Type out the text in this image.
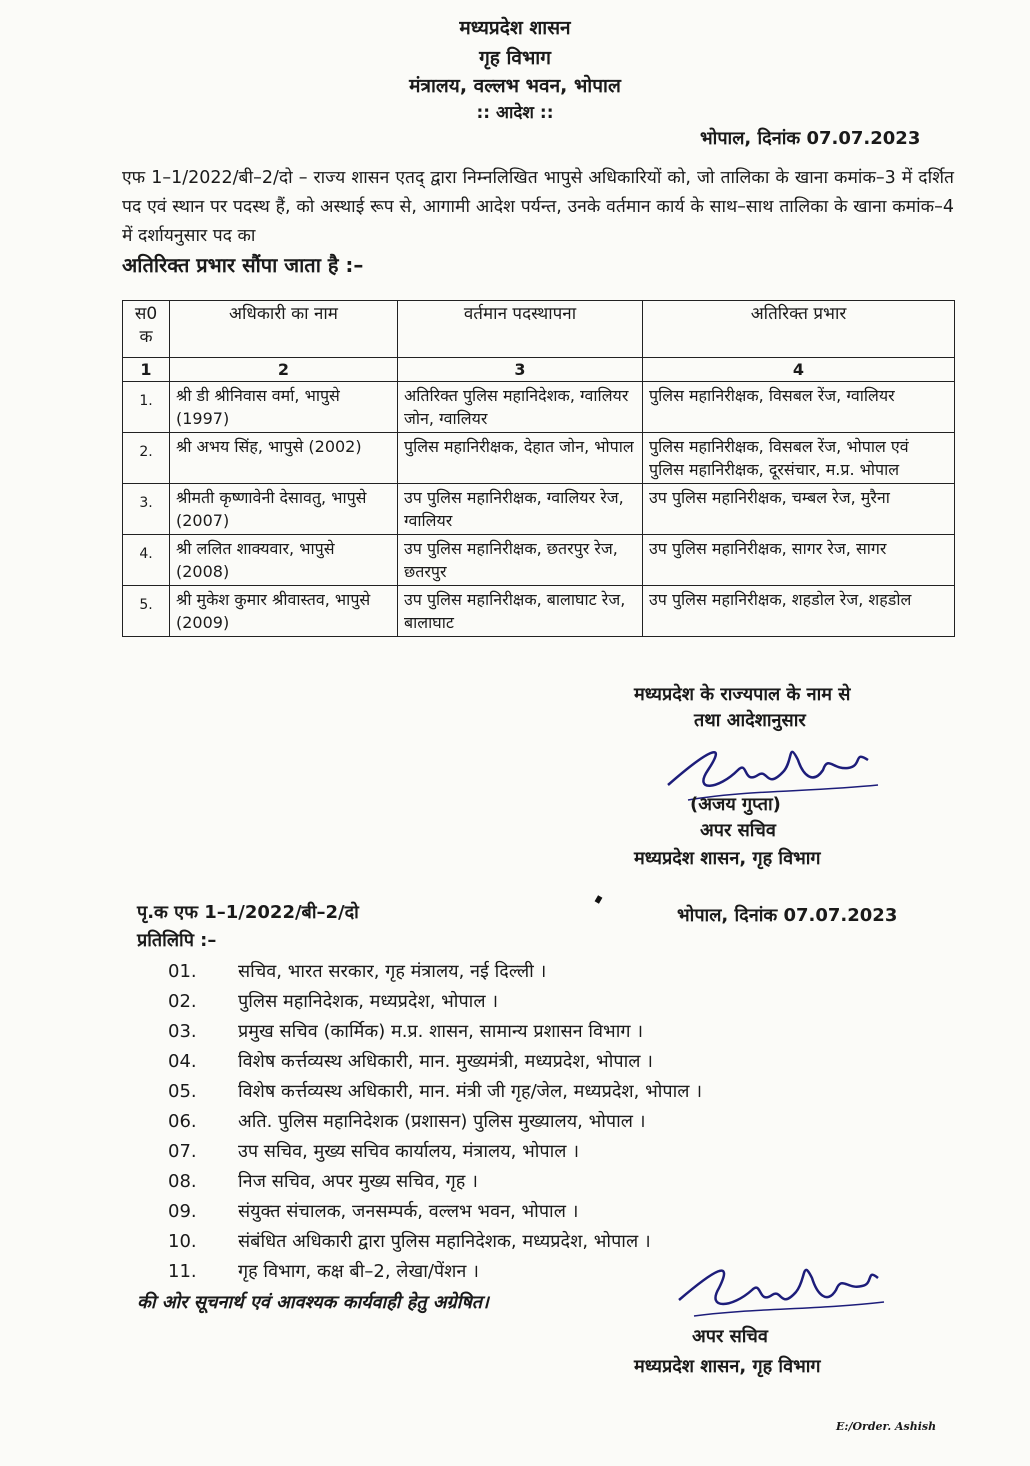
मध्यप्रदेश शासन
गृह विभाग
मंत्रालय, वल्लभ भवन, भोपाल
:: आदेश ::
भोपाल, दिनांक 07.07.2023
एफ 1–1/2022/बी–2/दो – राज्य शासन एतद् द्वारा निम्नलिखित भापुसे अधिकारियों को, जो तालिका के खाना कमांक–3 में दर्शित पद एवं स्थान पर पदस्थ हैं, को अस्थाई रूप से, आगामी आदेश पर्यन्त, उनके वर्तमान कार्य के साथ–साथ तालिका के खाना कमांक–4 में दर्शायनुसार पद का
अतिरिक्त प्रभार सौंपा जाता है :–
स0 क	अधिकारी का नाम	वर्तमान पदस्थापना	अतिरिक्त प्रभार
1	2	3	4
1.	श्री डी श्रीनिवास वर्मा, भापुसे (1997)	अतिरिक्त पुलिस महानिदेशक, ग्वालियर जोन, ग्वालियर	पुलिस महानिरीक्षक, विसबल रेंज, ग्वालियर
2.	श्री अभय सिंह, भापुसे (2002)	पुलिस महानिरीक्षक, देहात जोन, भोपाल	पुलिस महानिरीक्षक, विसबल रेंज, भोपाल एवं पुलिस महानिरीक्षक, दूरसंचार, म.प्र. भोपाल
3.	श्रीमती कृष्णावेनी देसावतु, भापुसे (2007)	उप पुलिस महानिरीक्षक, ग्वालियर रेज, ग्वालियर	उप पुलिस महानिरीक्षक, चम्बल रेज, मुरैना
4.	श्री ललित शाक्यवार, भापुसे (2008)	उप पुलिस महानिरीक्षक, छतरपुर रेज, छतरपुर	उप पुलिस महानिरीक्षक, सागर रेज, सागर
5.	श्री मुकेश कुमार श्रीवास्तव, भापुसे (2009)	उप पुलिस महानिरीक्षक, बालाघाट रेज, बालाघाट	उप पुलिस महानिरीक्षक, शहडोल रेज, शहडोल
मध्यप्रदेश के राज्यपाल के नाम से
तथा आदेशानुसार
(अजय गुप्ता)
अपर सचिव
मध्यप्रदेश शासन, गृह विभाग
पृ.क एफ 1–1/2022/बी–2/दो	भोपाल, दिनांक 07.07.2023
प्रतिलिपि :–
01. सचिव, भारत सरकार, गृह मंत्रालय, नई दिल्ली ।
02. पुलिस महानिदेशक, मध्यप्रदेश, भोपाल ।
03. प्रमुख सचिव (कार्मिक) म.प्र. शासन, सामान्य प्रशासन विभाग ।
04. विशेष कर्त्तव्यस्थ अधिकारी, मान. मुख्यमंत्री, मध्यप्रदेश, भोपाल ।
05. विशेष कर्त्तव्यस्थ अधिकारी, मान. मंत्री जी गृह/जेल, मध्यप्रदेश, भोपाल ।
06. अति. पुलिस महानिदेशक (प्रशासन) पुलिस मुख्यालय, भोपाल ।
07. उप सचिव, मुख्य सचिव कार्यालय, मंत्रालय, भोपाल ।
08. निज सचिव, अपर मुख्य सचिव, गृह ।
09. संयुक्त संचालक, जनसम्पर्क, वल्लभ भवन, भोपाल ।
10. संबंधित अधिकारी द्वारा पुलिस महानिदेशक, मध्यप्रदेश, भोपाल ।
11. गृह विभाग, कक्ष बी–2, लेखा/पेंशन ।
की ओर सूचनार्थ एवं आवश्यक कार्यवाही हेतु अग्रेषित।
अपर सचिव
मध्यप्रदेश शासन, गृह विभाग
E:/Order. Ashish
